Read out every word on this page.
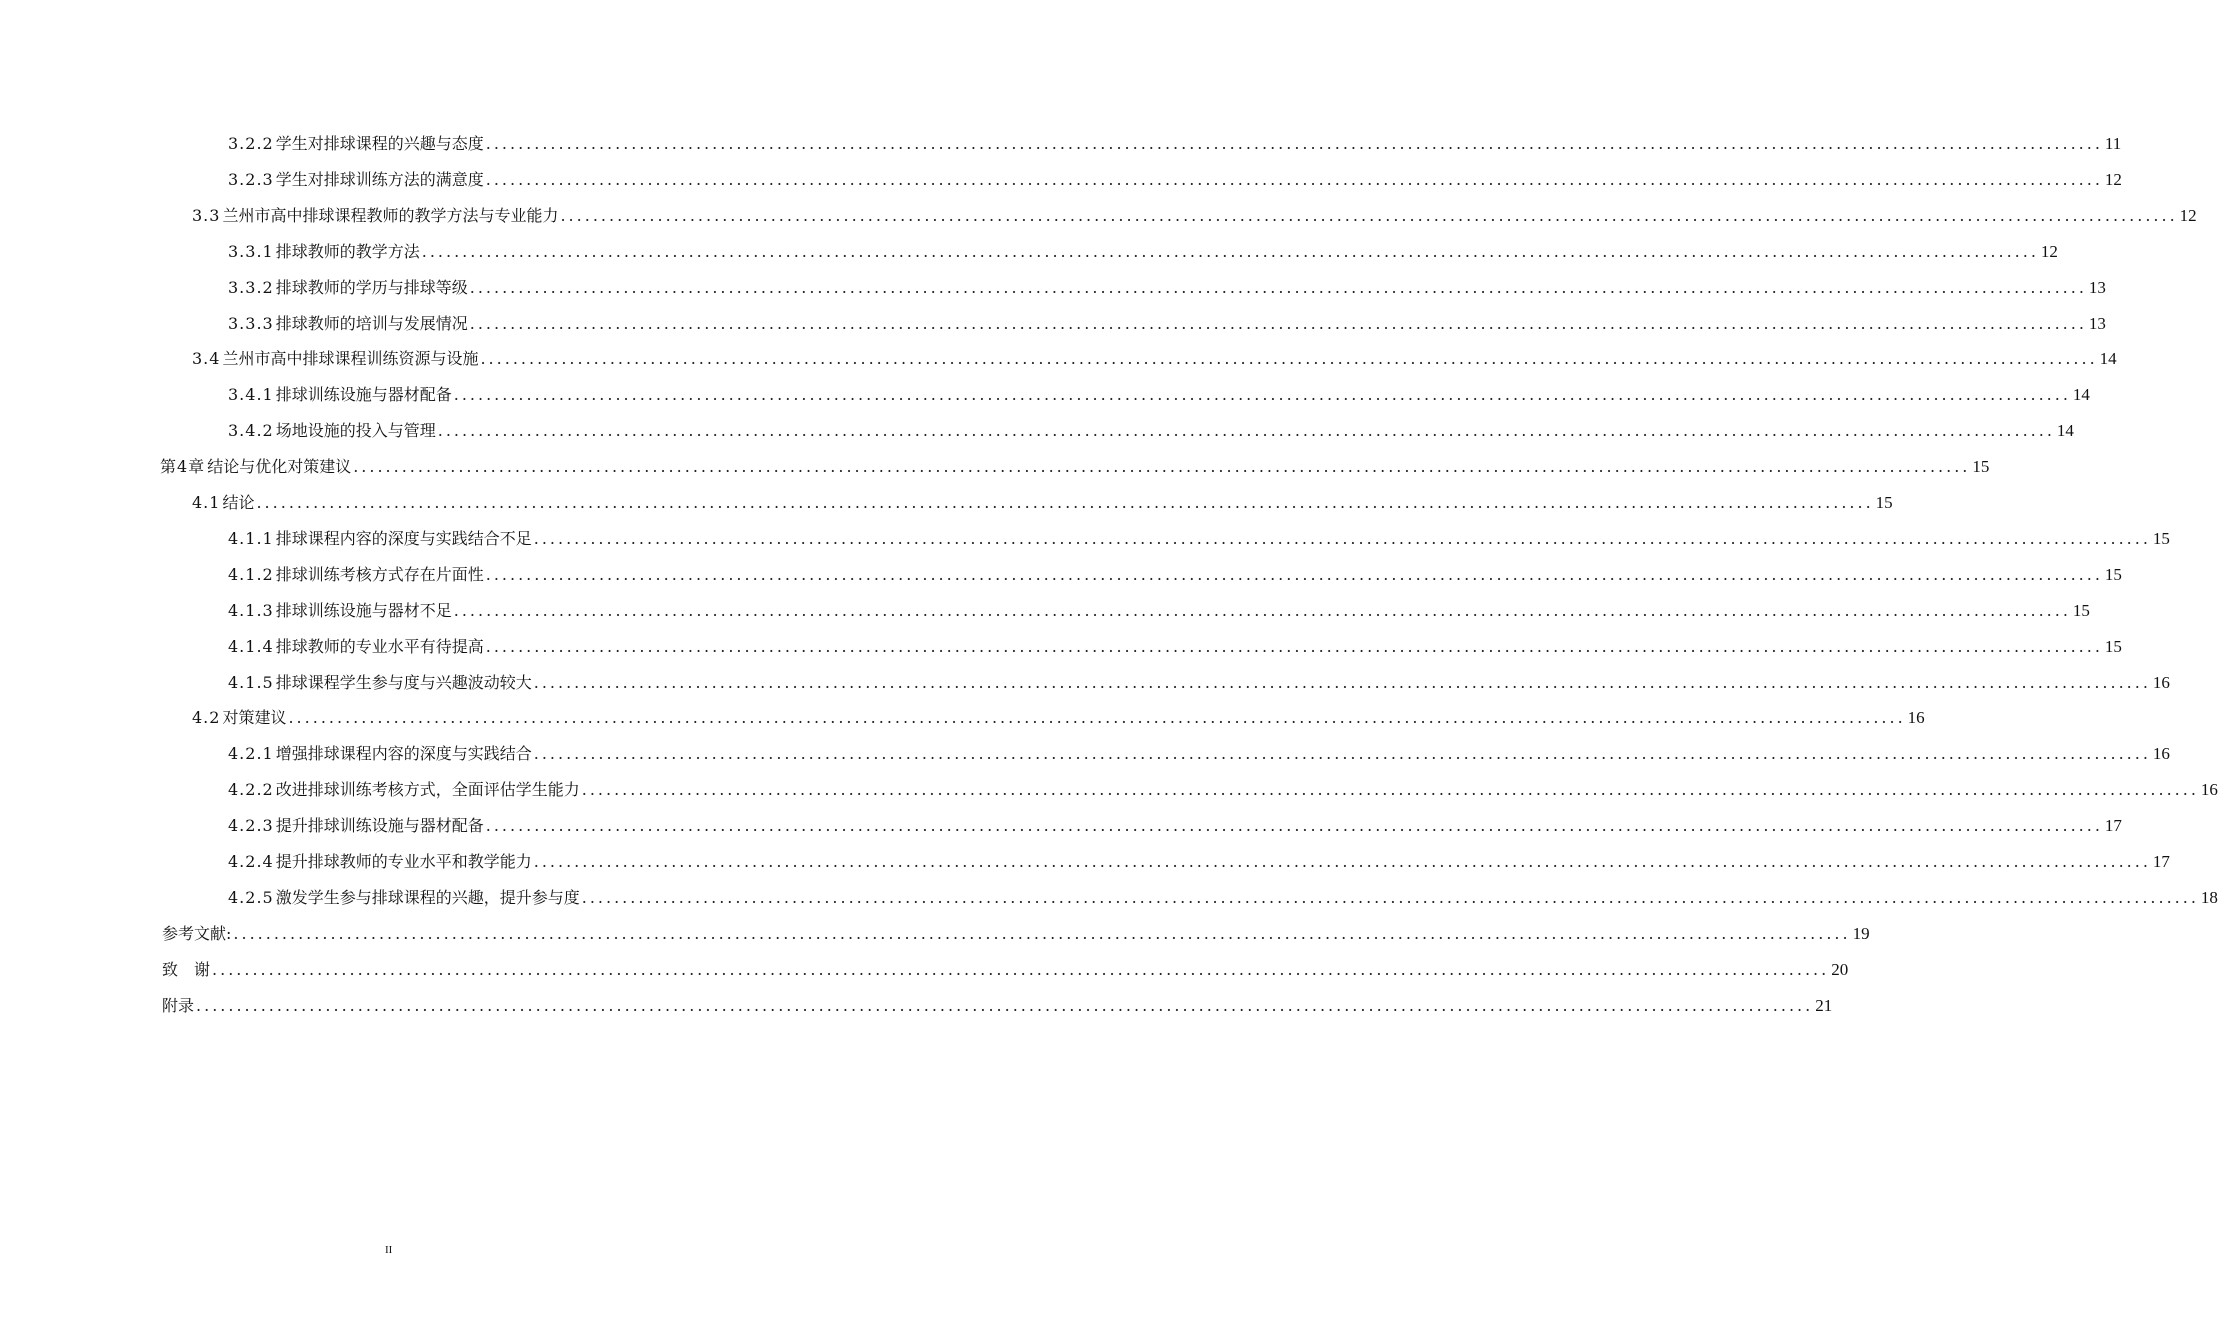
3.2.2 学生对排球课程的兴趣与态度 ........................................................................................................................................................................................................ 11
3.2.3 学生对排球训练方法的满意度 ........................................................................................................................................................................................................ 12
3.3 兰州市高中排球课程教师的教学方法与专业能力 ........................................................................................................................................................................................................ 12
3.3.1 排球教师的教学方法 ........................................................................................................................................................................................................ 12
3.3.2 排球教师的学历与排球等级 ........................................................................................................................................................................................................ 13
3.3.3 排球教师的培训与发展情况 ........................................................................................................................................................................................................ 13
3.4 兰州市高中排球课程训练资源与设施 ........................................................................................................................................................................................................ 14
3.4.1 排球训练设施与器材配备 ........................................................................................................................................................................................................ 14
3.4.2 场地设施的投入与管理 ........................................................................................................................................................................................................ 14
第4章 结论与优化对策建议 ........................................................................................................................................................................................................ 15
4.1 结论 ........................................................................................................................................................................................................ 15
4.1.1 排球课程内容的深度与实践结合不足 ........................................................................................................................................................................................................ 15
4.1.2 排球训练考核方式存在片面性 ........................................................................................................................................................................................................ 15
4.1.3 排球训练设施与器材不足 ........................................................................................................................................................................................................ 15
4.1.4 排球教师的专业水平有待提高 ........................................................................................................................................................................................................ 15
4.1.5 排球课程学生参与度与兴趣波动较大 ........................................................................................................................................................................................................ 16
4.2 对策建议 ........................................................................................................................................................................................................ 16
4.2.1 增强排球课程内容的深度与实践结合 ........................................................................................................................................................................................................ 16
4.2.2 改进排球训练考核方式，全面评估学生能力 ........................................................................................................................................................................................................ 16
4.2.3 提升排球训练设施与器材配备 ........................................................................................................................................................................................................ 17
4.2.4 提升排球教师的专业水平和教学能力 ........................................................................................................................................................................................................ 17
4.2.5 激发学生参与排球课程的兴趣，提升参与度 ........................................................................................................................................................................................................ 18
参考文献: ........................................................................................................................................................................................................ 19
致　谢 ........................................................................................................................................................................................................ 20
附录 ........................................................................................................................................................................................................ 21
II
